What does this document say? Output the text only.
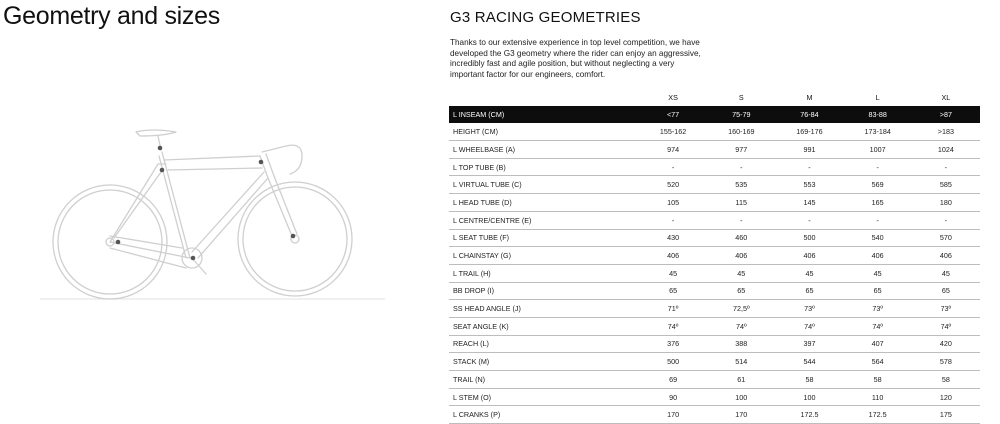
Geometry and sizes	G3 RACING GEOMETRIES
Thanks to our extensive experience in top level competition, we have developed the G3 geometry where the rider can enjoy an aggressive, incredibly fast and agile position, but without neglecting a very important factor for our engineers, comfort.
	XS	S	M	L	XL
L INSEAM (CM)	<77	75-79	76-84	83-88	>87
HEIGHT (CM)	155-162	160-169	169-176	173-184	>183
L WHEELBASE (A)	974	977	991	1007	1024
L TOP TUBE (B)	-	-	-	-	-
L VIRTUAL TUBE (C)	520	535	553	569	585
L HEAD TUBE (D)	105	115	145	165	180
L CENTRE/CENTRE (E)	-	-	-	-	-
L SEAT TUBE (F)	430	460	500	540	570
L CHAINSTAY (G)	406	406	406	406	406
L TRAIL (H)	45	45	45	45	45
BB DROP (I)	65	65	65	65	65
SS HEAD ANGLE (J)	71º	72,5º	73º	73º	73º
SEAT ANGLE (K)	74º	74º	74º	74º	74º
REACH (L)	376	388	397	407	420
STACK (M)	500	514	544	564	578
TRAIL (N)	69	61	58	58	58
L STEM (O)	90	100	100	110	120
L CRANKS (P)	170	170	172.5	172.5	175
